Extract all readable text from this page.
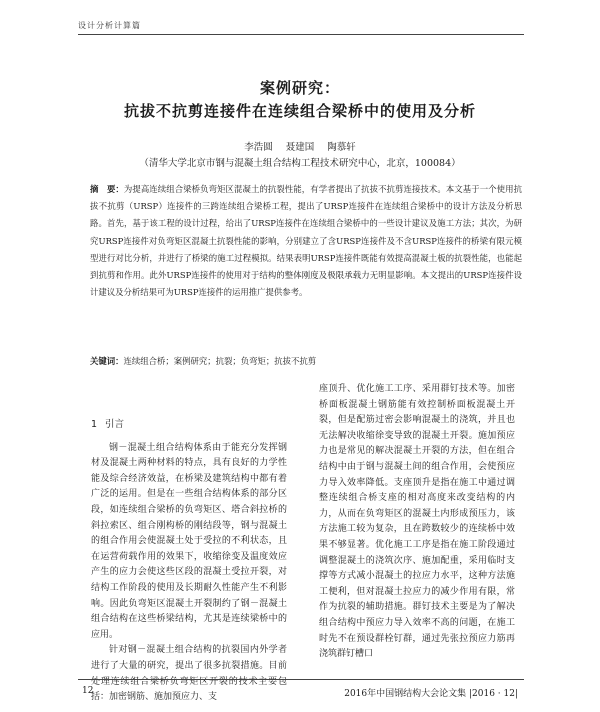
设计分析计算篇
案例研究：
抗拔不抗剪连接件在连续组合梁桥中的使用及分析
李浩圆 聂建国 陶慕轩
（清华大学北京市钢与混凝土组合结构工程技术研究中心，北京，100084）
摘　要：为提高连续组合梁桥负弯矩区混凝土的抗裂性能，有学者提出了抗拔不抗剪连接技术。本文基于一个使用抗拔不抗剪（URSP）连接件的三跨连续组合梁桥工程，提出了URSP连接件在连续组合梁桥中的设计方法及分析思路。首先，基于该工程的设计过程，给出了URSP连接件在连续组合梁桥中的一些设计建议及施工方法；其次，为研究URSP连接件对负弯矩区混凝土抗裂性能的影响，分别建立了含URSP连接件及不含URSP连接件的桥梁有限元模型进行对比分析，并进行了桥梁的施工过程模拟。结果表明URSP连接件既能有效提高混凝土板的抗裂性能，也能起到抗剪和作用。此外URSP连接件的使用对于结构的整体刚度及极限承载力无明显影响。本文提出的URSP连接件设计建议及分析结果可为URSP连接件的运用推广提供参考。
关键词：连续组合桥；案例研究；抗裂；负弯矩；抗拔不抗剪
1 引言

钢－混凝土组合结构体系由于能充分发挥钢材及混凝土两种材料的特点，具有良好的力学性能及综合经济效益，在桥梁及建筑结构中都有着广泛的运用。但是在一些组合结构体系的部分区段，如连续组合梁桥的负弯矩区、塔合斜拉桥的斜拉索区、组合刚构桥的刚结段等，钢与混凝土的组合作用会使混凝土处于受拉的不利状态，且在运营荷载作用的效果下，收缩徐变及温度效应产生的应力会使这些区段的混凝土受拉开裂，对结构工作阶段的使用及长期耐久性能产生不利影响。因此负弯矩区混凝土开裂制约了钢－混凝土组合结构在这些桥梁结构，尤其是连续梁桥中的应用。

针对钢－混凝土组合结构的抗裂国内外学者进行了大量的研究，提出了很多抗裂措施。目前处理连续组合梁桥负弯矩区开裂的技术主要包括：加密钢筋、施加预应力、支

座顶升、优化施工工序、采用群钉技术等。加密桥面板混凝土钢筋能有效控制桥面板混凝土开裂，但是配筋过密会影响混凝土的浇筑，并且也无法解决收缩徐变导致的混凝土开裂。施加预应力也是常见的解决混凝土开裂的方法，但在组合结构中由于钢与混凝土间的组合作用，会使预应力导入效率降低。支座顶升是指在施工中通过调整连续组合桥支座的相对高度来改变结构的内力，从而在负弯矩区的混凝土内形成预压力，该方法施工较为复杂，且在跨数较少的连续桥中效果不够显著。优化施工工序是指在施工阶段通过调整混凝土的浇筑次序、施加配重，采用临时支撑等方式减小混凝土的拉应力水平，这种方法施工便利，但对混凝土拉应力的减少作用有限，常作为抗裂的辅助措施。群钉技术主要是为了解决组合结构中预应力导入效率不高的问题，在施工时先不在预设群栓钉群，通过先张拉预应力筋再浇筑群钉槽口

12	2016年中国钢结构大会论文集 |2016 · 12|
